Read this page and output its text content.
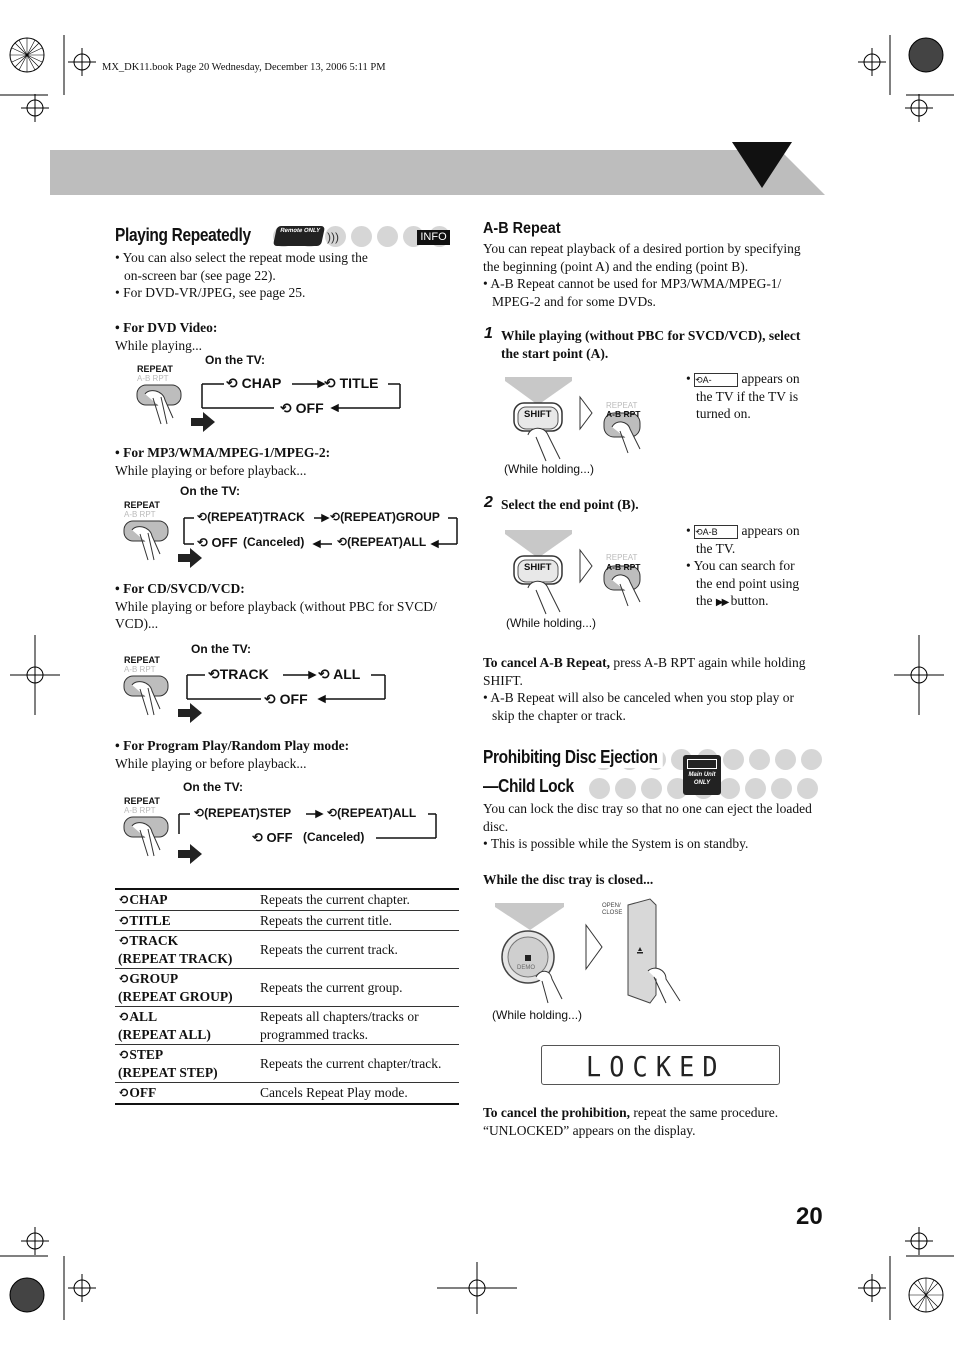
MX_DK11.book Page 20 Wednesday, December 13, 2006 5:11 PM
20
Playing Repeatedly	Remote ONLY )))	INFO
• You can also select the repeat mode using the
on-screen bar (see page 22).
• For DVD-VR/JPEG, see page 25.
• For DVD Video:
While playing...
On the TV:
REPEAT
A-B RPT	⟲ CHAP	⟲ TITLE
⟲ OFF
• For MP3/WMA/MPEG-1/MPEG-2:
While playing or before playback...
On the TV:
REPEAT
A-B RPT	⟲(REPEAT)TRACK ⟲(REPEAT)GROUP
⟲ OFF (Canceled)	⟲(REPEAT)ALL
• For CD/SVCD/VCD:
While playing or before playback (without PBC for SVCD/
VCD)...
On the TV:
REPEAT
A-B RPT	⟲TRACK	⟲ ALL
⟲ OFF
• For Program Play/Random Play mode:
While playing or before playback...
On the TV:
REPEAT
A-B RPT	⟲(REPEAT)STEP	⟲(REPEAT)ALL
⟲ OFF (Canceled)
⟲CHAP	Repeats the current chapter.
⟲TITLE	Repeats the current title.
⟲TRACK
(REPEAT TRACK)	Repeats the current track.
⟲GROUP
(REPEAT GROUP)	Repeats the current group.
⟲ALL
(REPEAT ALL)	Repeats all chapters/tracks or
programmed tracks.
⟲STEP
(REPEAT STEP)	Repeats the current chapter/track.
⟲OFF	Cancels Repeat Play mode.
A-B Repeat
You can repeat playback of a desired portion by specifying
the beginning (point A) and the ending (point B).
• A-B Repeat cannot be used for MP3/WMA/MPEG-1/
MPEG-2 and for some DVDs.
1 While playing (without PBC for SVCD/VCD), select
the start point (A).
SHIFT
REPEAT
A-B RPT
(While holding...)
• ⟲A- appears on
the TV if the TV is
turned on.
2 Select the end point (B).
SHIFT
REPEAT
A-B RPT
(While holding...)
• ⟲A-B appears on
the TV.
• You can search for
the end point using
the ▶▶ button.
To cancel A-B Repeat, press A-B RPT again while holding
SHIFT.
• A-B Repeat will also be canceled when you stop play or
skip the chapter or track.
Prohibiting Disc Ejection
—Child Lock
Main Unit ONLY
You can lock the disc tray so that no one can eject the loaded
disc.
• This is possible while the System is on standby.
While the disc tray is closed...
OPEN/ CLOSE
DEMO
(While holding...)
LOCKED
To cancel the prohibition, repeat the same procedure.
“UNLOCKED” appears on the display.
